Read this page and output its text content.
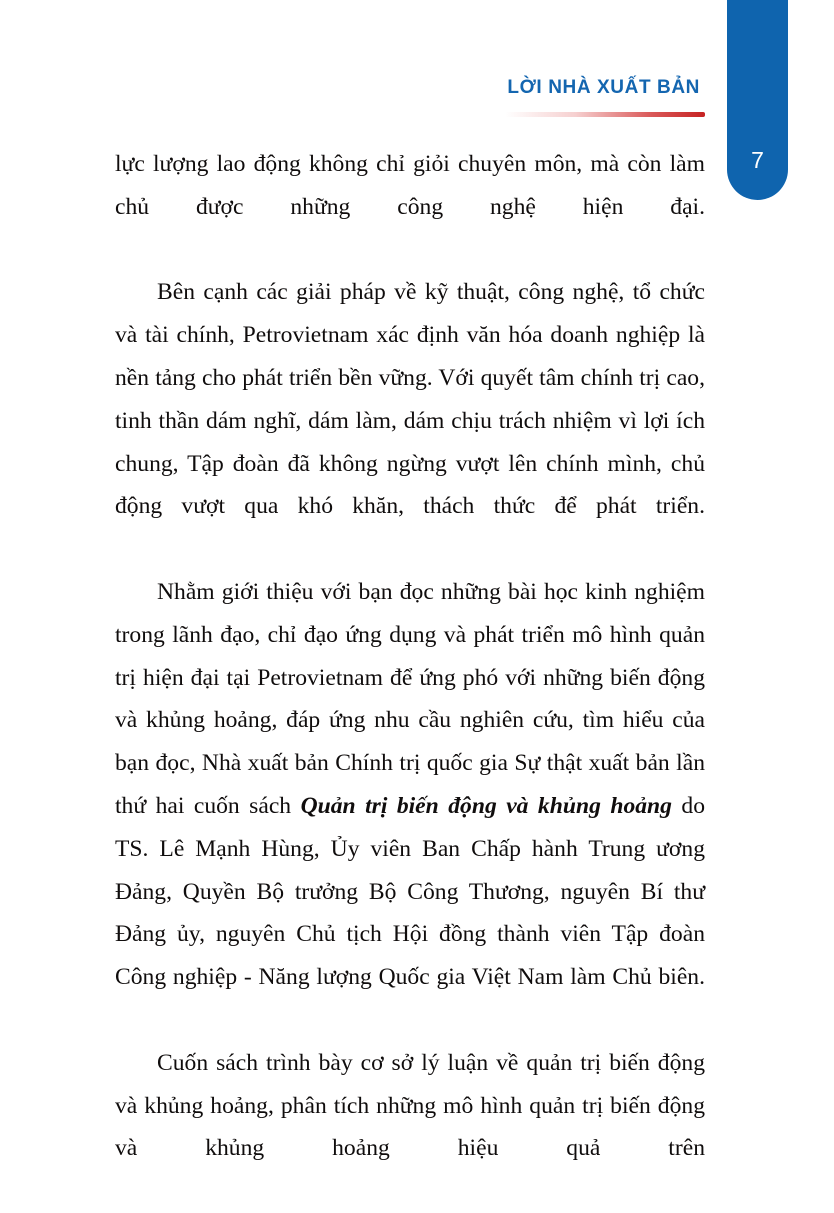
LỜI NHÀ XUẤT BẢN
7

lực lượng lao động không chỉ giỏi chuyên môn, mà còn làm chủ được những công nghệ hiện đại.

Bên cạnh các giải pháp về kỹ thuật, công nghệ, tổ chức và tài chính, Petrovietnam xác định văn hóa doanh nghiệp là nền tảng cho phát triển bền vững. Với quyết tâm chính trị cao, tinh thần dám nghĩ, dám làm, dám chịu trách nhiệm vì lợi ích chung, Tập đoàn đã không ngừng vượt lên chính mình, chủ động vượt qua khó khăn, thách thức để phát triển.

Nhằm giới thiệu với bạn đọc những bài học kinh nghiệm trong lãnh đạo, chỉ đạo ứng dụng và phát triển mô hình quản trị hiện đại tại Petrovietnam để ứng phó với những biến động và khủng hoảng, đáp ứng nhu cầu nghiên cứu, tìm hiểu của bạn đọc, Nhà xuất bản Chính trị quốc gia Sự thật xuất bản lần thứ hai cuốn sách Quản trị biến động và khủng hoảng do TS. Lê Mạnh Hùng, Ủy viên Ban Chấp hành Trung ương Đảng, Quyền Bộ trưởng Bộ Công Thương, nguyên Bí thư Đảng ủy, nguyên Chủ tịch Hội đồng thành viên Tập đoàn Công nghiệp - Năng lượng Quốc gia Việt Nam làm Chủ biên.

Cuốn sách trình bày cơ sở lý luận về quản trị biến động và khủng hoảng, phân tích những mô hình quản trị biến động và khủng hoảng hiệu quả trên
